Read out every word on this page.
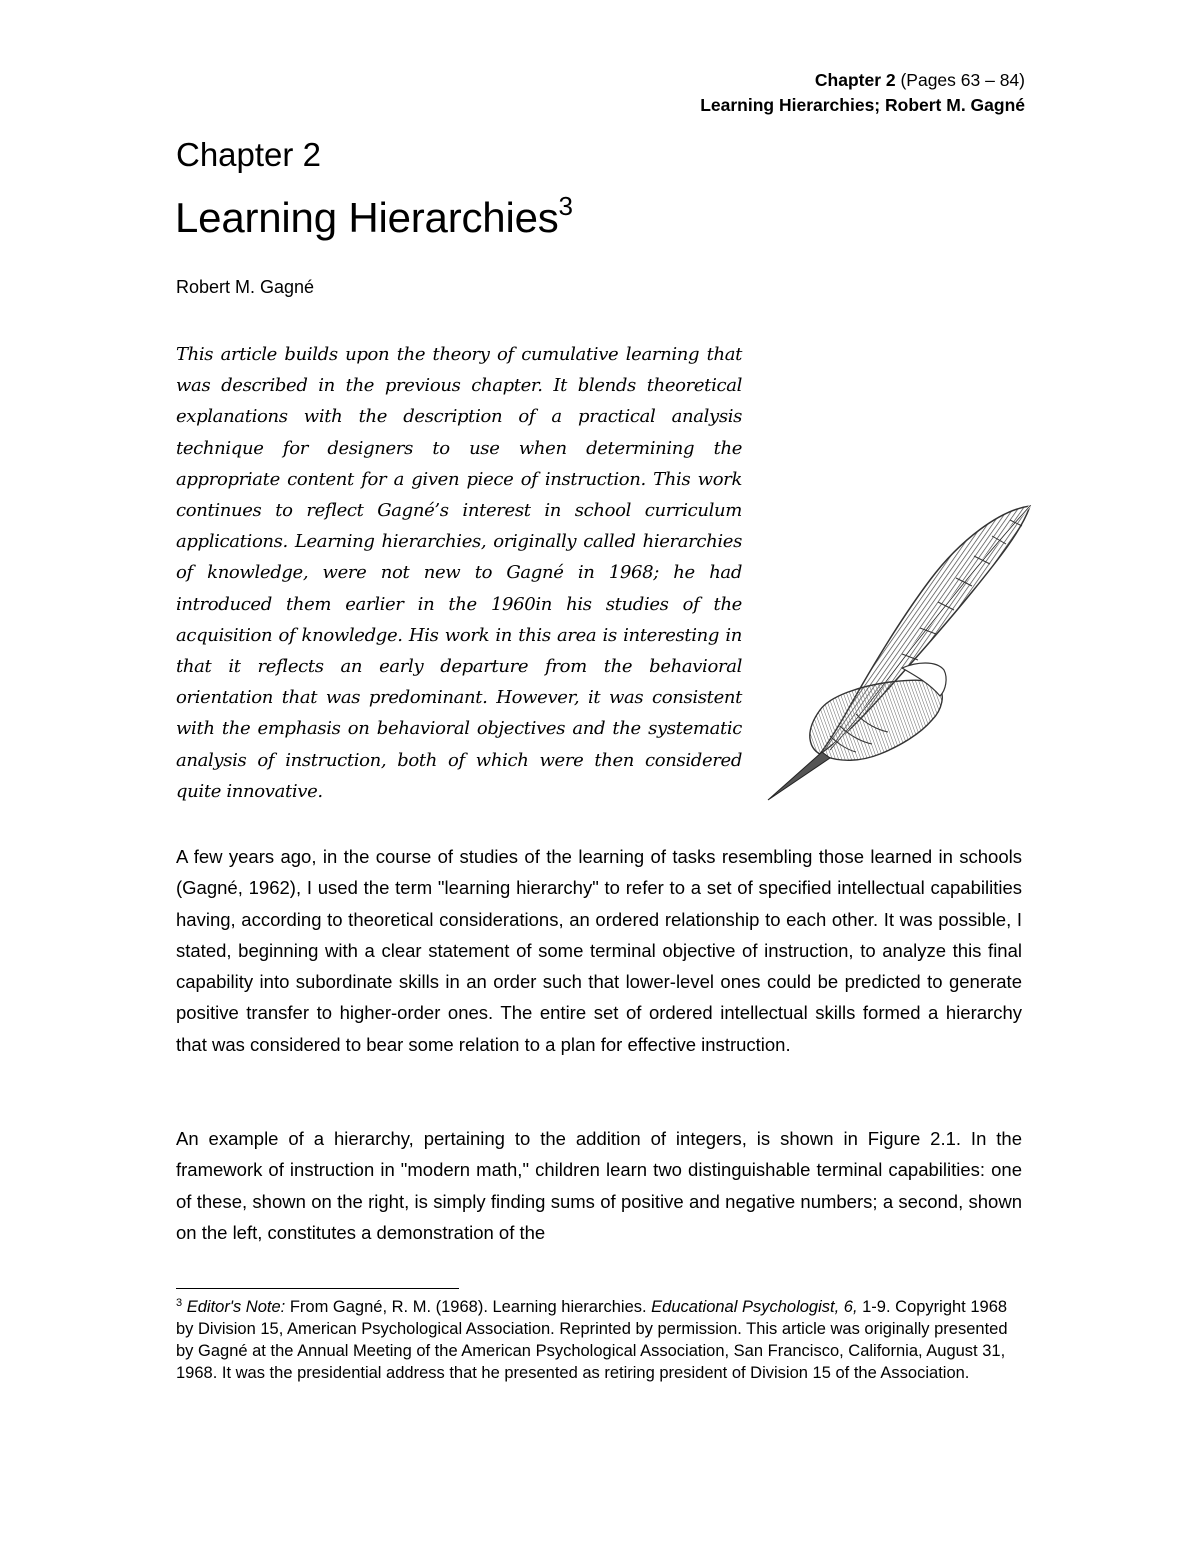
Chapter 2 (Pages 63 – 84)
Learning Hierarchies; Robert M. Gagné
Chapter 2
Learning Hierarchies$^3$
Robert M. Gagné
This article builds upon the theory of cumulative learning that was described in the previous chapter. It blends theoretical explanations with the description of a practical analysis technique for designers to use when determining the appropriate content for a given piece of instruction. This work continues to reflect Gagné’s interest in school curriculum applications. Learning hierarchies, originally called hierarchies of knowledge, were not new to Gagné in 1968; he had introduced them earlier in the 1960in his studies of the acquisition of knowledge. His work in this area is interesting in that it reflects an early departure from the behavioral orientation that was predominant. However, it was consistent with the emphasis on behavioral objectives and the systematic analysis of instruction, both of which were then considered quite innovative.
A few years ago, in the course of studies of the learning of tasks resembling those learned in schools (Gagné, 1962), I used the term "learning hierarchy" to refer to a set of specified intellectual capabilities having, according to theoretical considerations, an ordered relationship to each other. It was possible, I stated, beginning with a clear statement of some terminal objective of instruction, to analyze this final capability into subordinate skills in an order such that lower-level ones could be predicted to generate positive transfer to higher-order ones. The entire set of ordered intellectual skills formed a hierarchy that was considered to bear some relation to a plan for effective instruction.
An example of a hierarchy, pertaining to the addition of integers, is shown in Figure 2.1. In the framework of instruction in "modern math," children learn two distinguishable terminal capabilities: one of these, shown on the right, is simply finding sums of positive and negative numbers; a second, shown on the left, constitutes a demonstration of the
$^3$ Editor's Note: From Gagné, R. M. (1968). Learning hierarchies. Educational Psychologist, 6, 1-9. Copyright 1968 by Division 15, American Psychological Association. Reprinted by permission. This article was originally presented by Gagné at the Annual Meeting of the American Psychological Association, San Francisco, California, August 31, 1968. It was the presidential address that he presented as retiring president of Division 15 of the Association.
